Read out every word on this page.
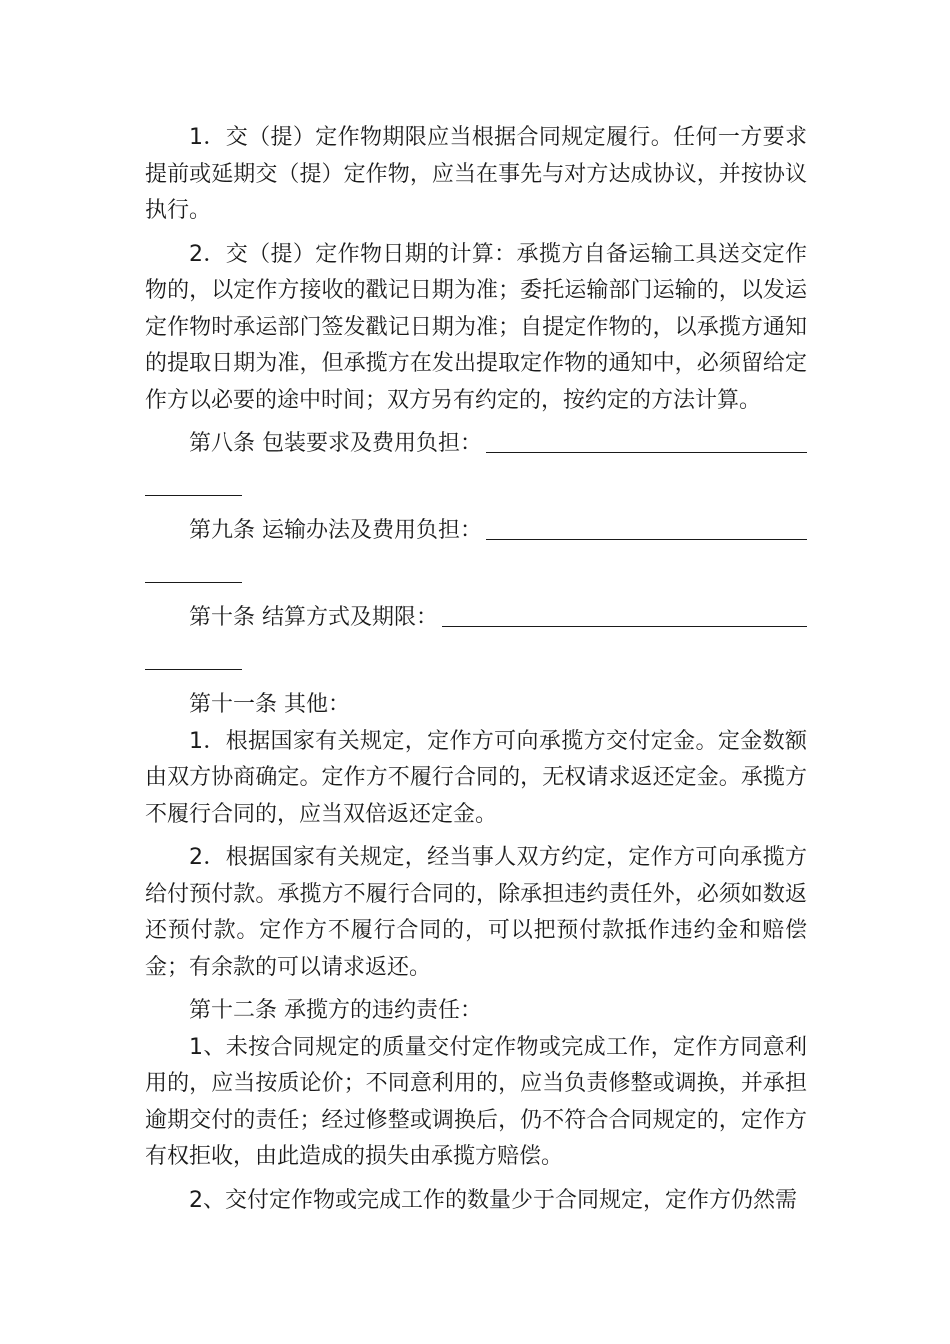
1．交（提）定作物期限应当根据合同规定履行。任何一方要求提前或延期交（提）定作物，应当在事先与对方达成协议，并按协议执行。

2．交（提）定作物日期的计算：承揽方自备运输工具送交定作物的，以定作方接收的戳记日期为准；委托运输部门运输的，以发运定作物时承运部门签发戳记日期为准；自提定作物的，以承揽方通知的提取日期为准，但承揽方在发出提取定作物的通知中，必须留给定作方以必要的途中时间；双方另有约定的，按约定的方法计算。

第八条 包装要求及费用负担：
第九条 运输办法及费用负担：
第十条 结算方式及期限：

第十一条 其他：

1．根据国家有关规定，定作方可向承揽方交付定金。定金数额由双方协商确定。定作方不履行合同的，无权请求返还定金。承揽方不履行合同的，应当双倍返还定金。

2．根据国家有关规定，经当事人双方约定，定作方可向承揽方给付预付款。承揽方不履行合同的，除承担违约责任外，必须如数返还预付款。定作方不履行合同的，可以把预付款抵作违约金和赔偿金；有余款的可以请求返还。

第十二条 承揽方的违约责任：

1、未按合同规定的质量交付定作物或完成工作，定作方同意利用的，应当按质论价；不同意利用的，应当负责修整或调换，并承担逾期交付的责任；经过修整或调换后，仍不符合合同规定的，定作方有权拒收，由此造成的损失由承揽方赔偿。

2、交付定作物或完成工作的数量少于合同规定，定作方仍然需
